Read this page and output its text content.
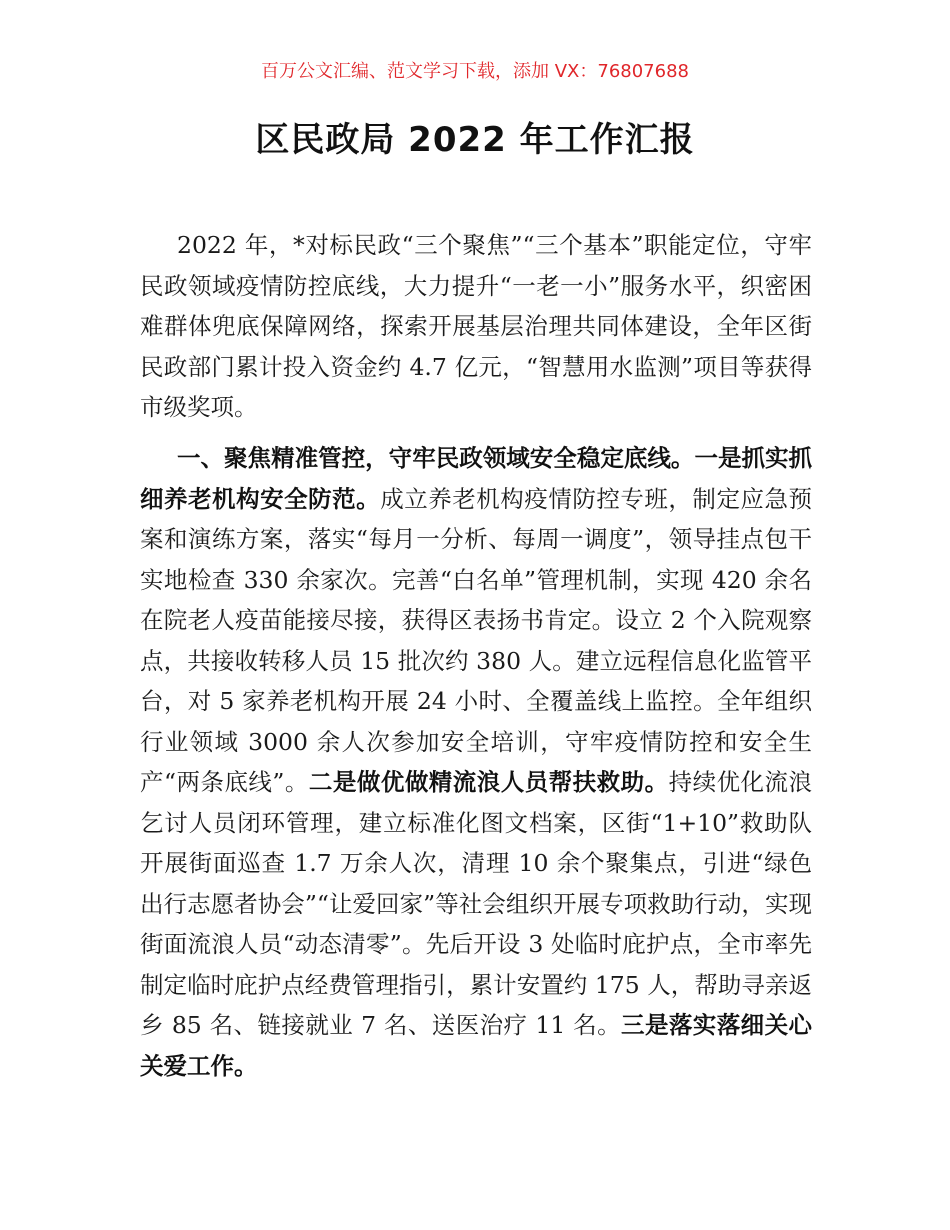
百万公文汇编、范文学习下载，添加 VX：76807688
区民政局 2022 年工作汇报

2022 年，*对标民政“三个聚焦”“三个基本”职能定位，守牢民政领域疫情防控底线，大力提升“一老一小”服务水平，织密困难群体兜底保障网络，探索开展基层治理共同体建设，全年区街民政部门累计投入资金约 4.7 亿元，“智慧用水监测”项目等获得市级奖项。

一、聚焦精准管控，守牢民政领域安全稳定底线。一是抓实抓细养老机构安全防范。成立养老机构疫情防控专班，制定应急预案和演练方案，落实“每月一分析、每周一调度”，领导挂点包干实地检查 330 余家次。完善“白名单”管理机制，实现 420 余名在院老人疫苗能接尽接，获得区表扬书肯定。设立 2 个入院观察点，共接收转移人员 15 批次约 380 人。建立远程信息化监管平台，对 5 家养老机构开展 24 小时、全覆盖线上监控。全年组织行业领域 3000 余人次参加安全培训，守牢疫情防控和安全生产“两条底线”。二是做优做精流浪人员帮扶救助。持续优化流浪乞讨人员闭环管理，建立标准化图文档案，区街“1+10”救助队开展街面巡查 1.7 万余人次，清理 10 余个聚集点，引进“绿色出行志愿者协会”“让爱回家”等社会组织开展专项救助行动，实现街面流浪人员“动态清零”。先后开设 3 处临时庇护点，全市率先制定临时庇护点经费管理指引，累计安置约 175 人，帮助寻亲返乡 85 名、链接就业 7 名、送医治疗 11 名。三是落实落细关心关爱工作。
